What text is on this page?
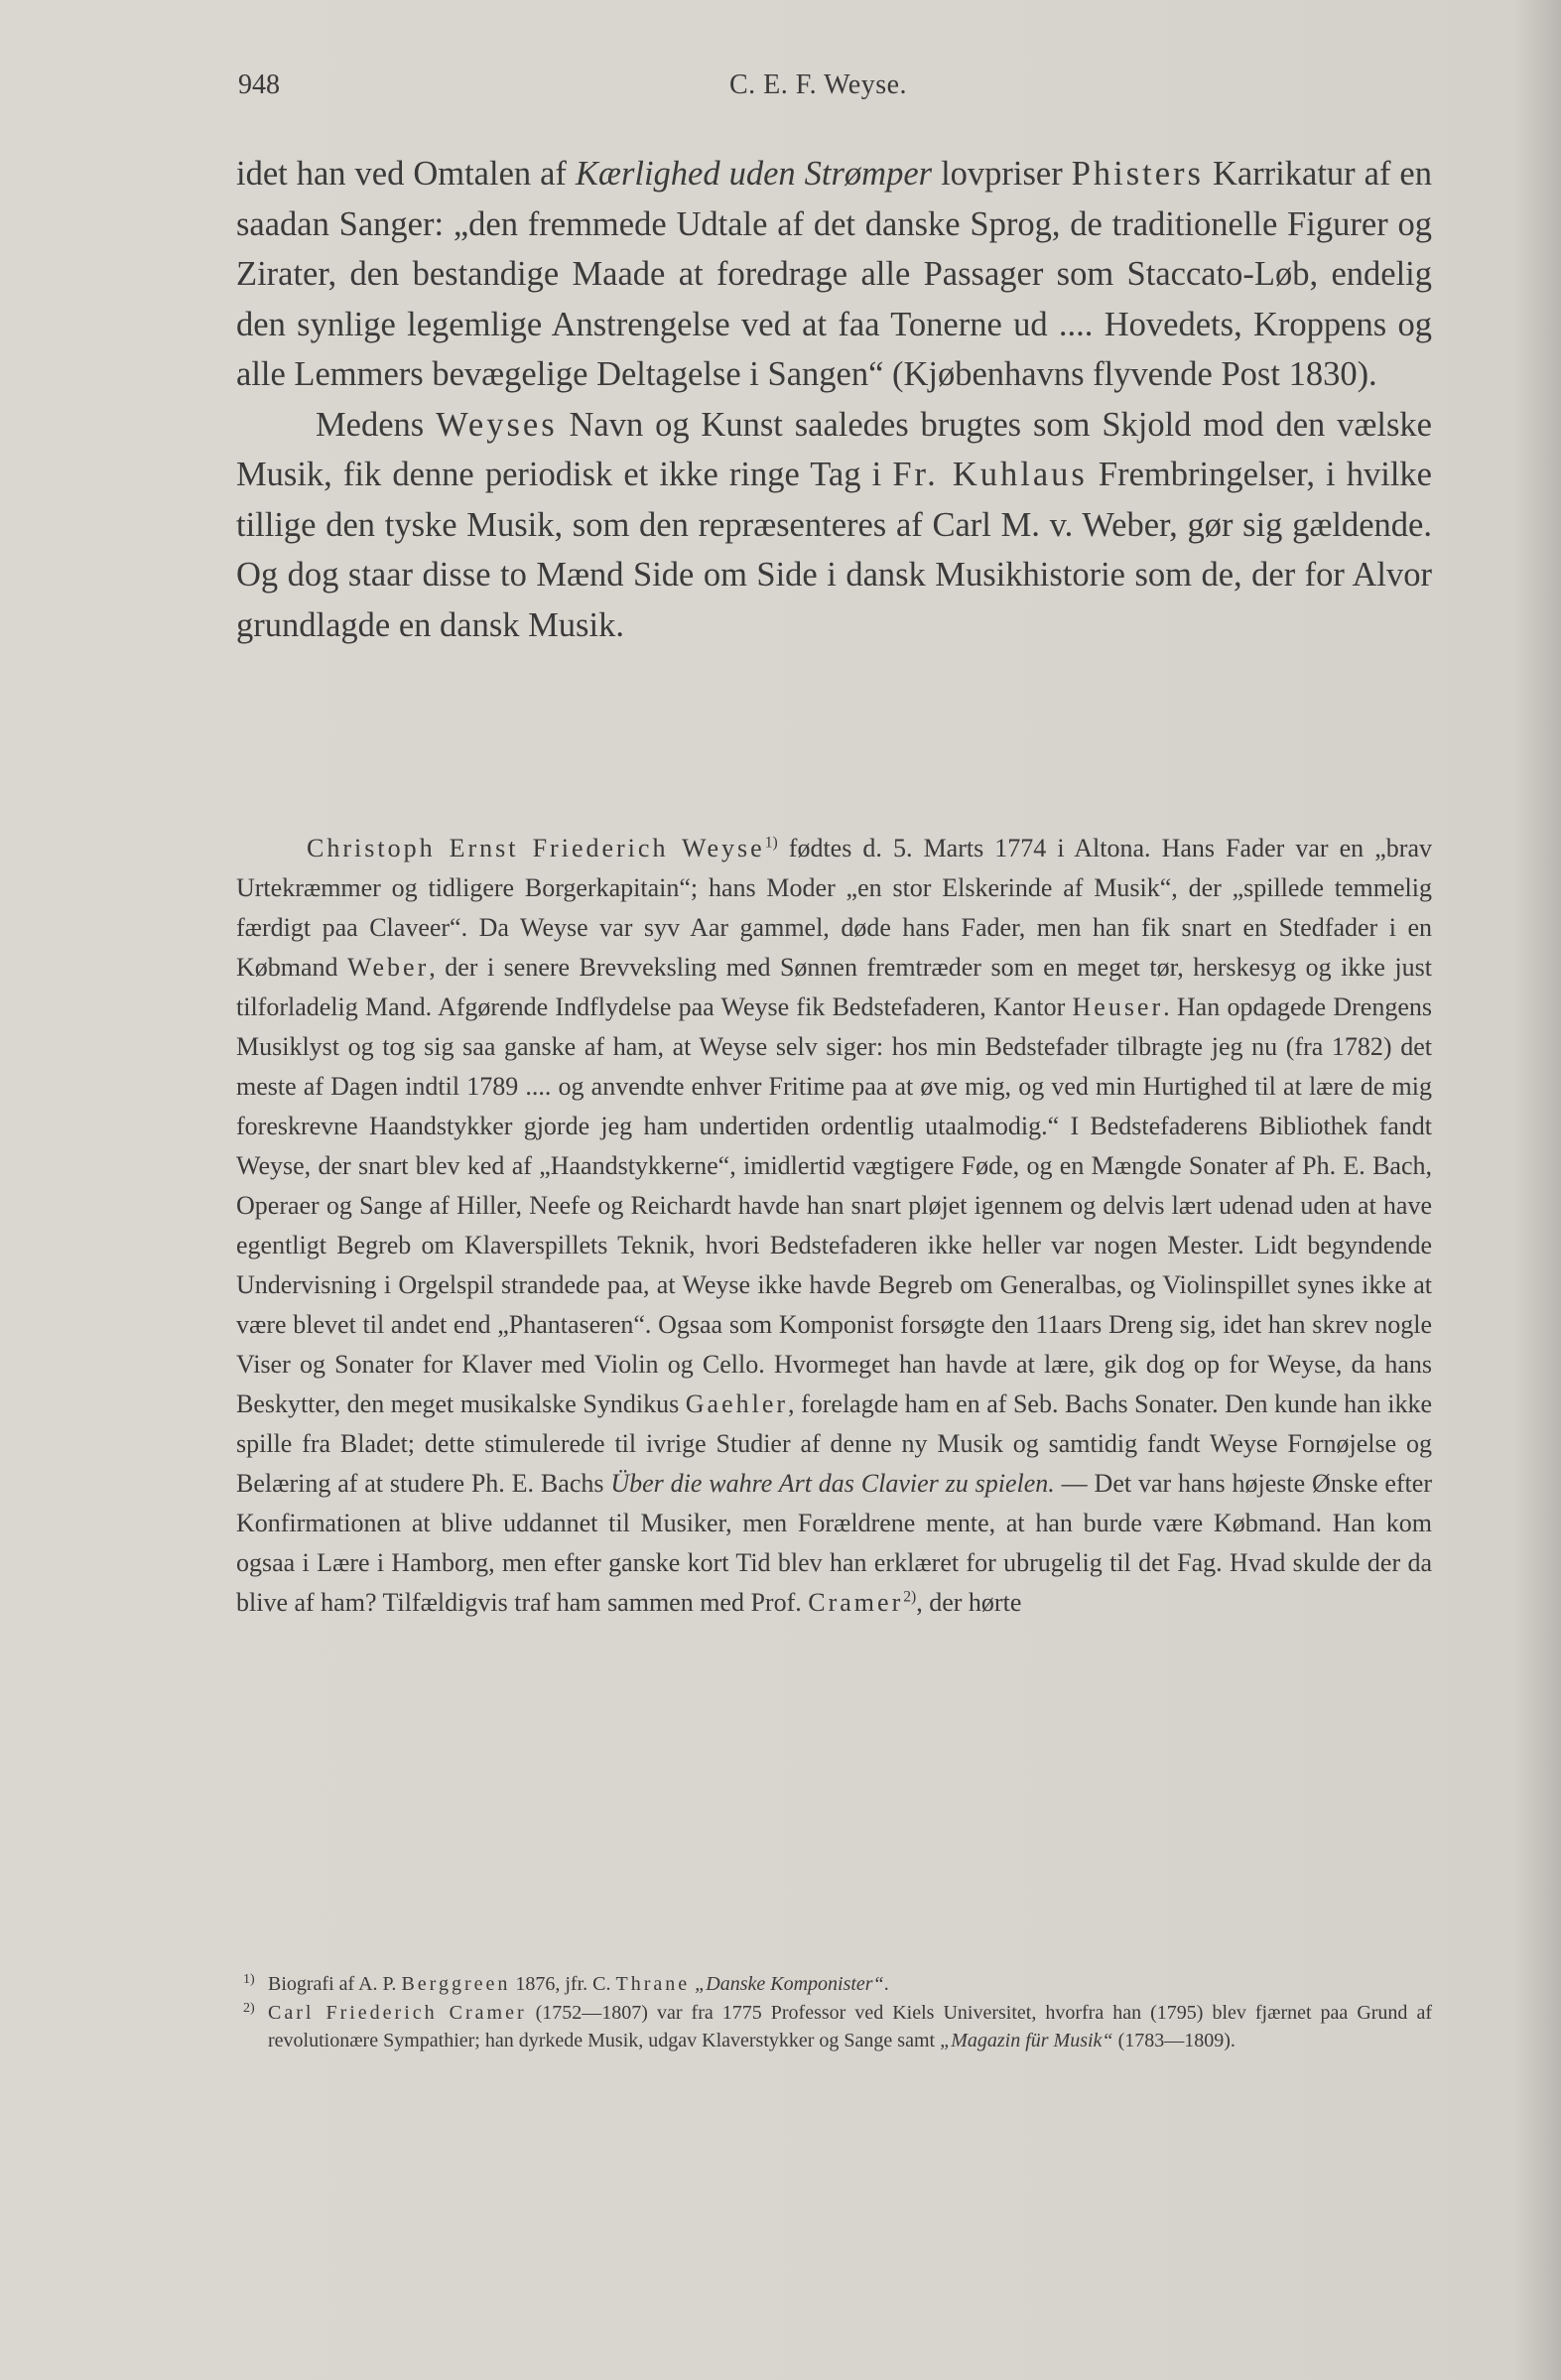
948	C. E. F. Weyse.

idet han ved Omtalen af Kærlighed uden Strømper lovpriser Phisters Karrikatur af en saadan Sanger: „den fremmede Udtale af det danske Sprog, de traditionelle Figurer og Zirater, den bestandige Maade at foredrage alle Passager som Staccato-Løb, endelig den synlige legemlige Anstrengelse ved at faa Tonerne ud .... Hovedets, Kroppens og alle Lemmers bevægelige Deltagelse i Sangen“ (Kjøbenhavns flyvende Post 1830).

Medens Weyses Navn og Kunst saaledes brugtes som Skjold mod den vælske Musik, fik denne periodisk et ikke ringe Tag i Fr. Kuhlaus Frembringelser, i hvilke tillige den tyske Musik, som den repræsenteres af Carl M. v. Weber, gør sig gældende. Og dog staar disse to Mænd Side om Side i dansk Musikhistorie som de, der for Alvor grundlagde en dansk Musik.

Christoph Ernst Friederich Weyse$^{1)}$ fødtes d. 5. Marts 1774 i Altona. Hans Fader var en „brav Urtekræmmer og tidligere Borgerkapitain“; hans Moder „en stor Elskerinde af Musik“, der „spillede temmelig færdigt paa Claveer“. Da Weyse var syv Aar gammel, døde hans Fader, men han fik snart en Stedfader i en Købmand Weber, der i senere Brevveksling med Sønnen fremtræder som en meget tør, herskesyg og ikke just tilforladelig Mand. Afgørende Indflydelse paa Weyse fik Bedstefaderen, Kantor Heuser. Han opdagede Drengens Musiklyst og tog sig saa ganske af ham, at Weyse selv siger: hos min Bedstefader tilbragte jeg nu (fra 1782) det meste af Dagen indtil 1789 .... og anvendte enhver Fritime paa at øve mig, og ved min Hurtighed til at lære de mig foreskrevne Haandstykker gjorde jeg ham undertiden ordentlig utaalmodig.“ I Bedstefaderens Bibliothek fandt Weyse, der snart blev ked af „Haandstykkerne“, imidlertid vægtigere Føde, og en Mængde Sonater af Ph. E. Bach, Operaer og Sange af Hiller, Neefe og Reichardt havde han snart pløjet igennem og delvis lært udenad uden at have egentligt Begreb om Klaverspillets Teknik, hvori Bedstefaderen ikke heller var nogen Mester. Lidt begyndende Undervisning i Orgelspil strandede paa, at Weyse ikke havde Begreb om Generalbas, og Violinspillet synes ikke at være blevet til andet end „Phantaseren“. Ogsaa som Komponist forsøgte den 11aars Dreng sig, idet han skrev nogle Viser og Sonater for Klaver med Violin og Cello. Hvormeget han havde at lære, gik dog op for Weyse, da hans Beskytter, den meget musikalske Syndikus Gaehler, forelagde ham en af Seb. Bachs Sonater. Den kunde han ikke spille fra Bladet; dette stimulerede til ivrige Studier af denne ny Musik og samtidig fandt Weyse Fornøjelse og Belæring af at studere Ph. E. Bachs Über die wahre Art das Clavier zu spielen. — Det var hans højeste Ønske efter Konfirmationen at blive uddannet til Musiker, men Forældrene mente, at han burde være Købmand. Han kom ogsaa i Lære i Hamborg, men efter ganske kort Tid blev han erklæret for ubrugelig til det Fag. Hvad skulde der da blive af ham? Tilfældigvis traf ham sammen med Prof. Cramer$^{2)}$, der hørte

1) Biografi af A. P. Berggreen 1876, jfr. C. Thrane „Danske Komponister“.

2) Carl Friederich Cramer (1752—1807) var fra 1775 Professor ved Kiels Universitet, hvorfra han (1795) blev fjærnet paa Grund af revolutionære Sympathier; han dyrkede Musik, udgav Klaverstykker og Sange samt „Magazin für Musik“ (1783—1809).
